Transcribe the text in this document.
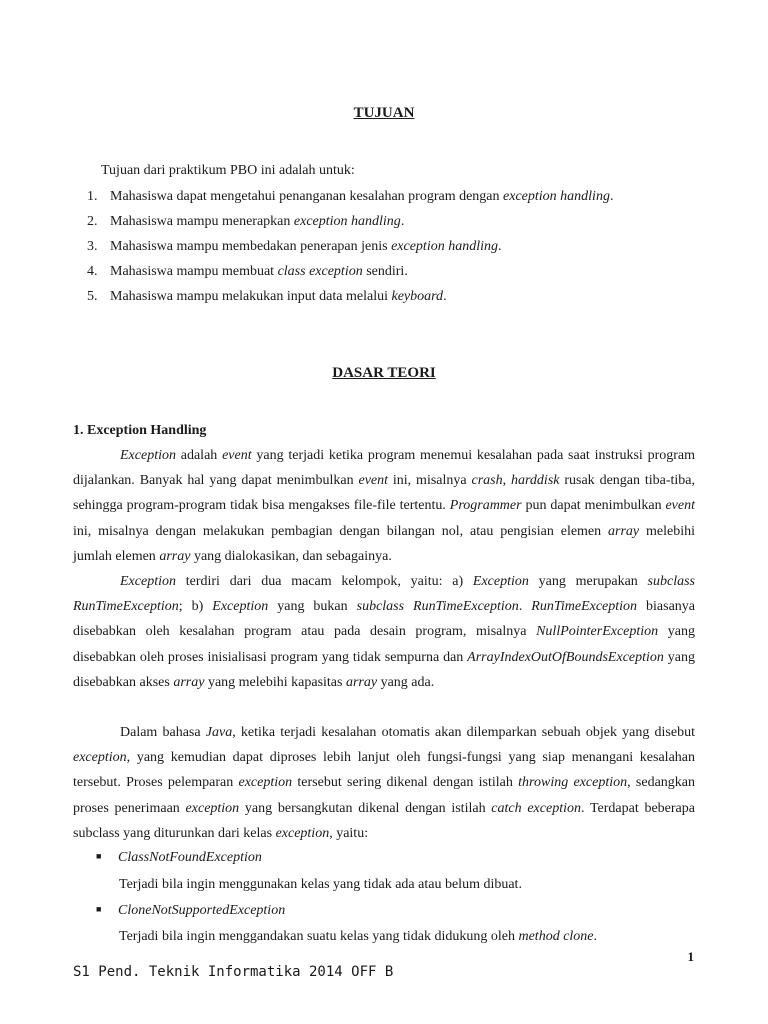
TUJUAN
Tujuan dari praktikum PBO ini adalah untuk:
1. Mahasiswa dapat mengetahui penanganan kesalahan program dengan exception handling.
2. Mahasiswa mampu menerapkan exception handling.
3. Mahasiswa mampu membedakan penerapan jenis exception handling.
4. Mahasiswa mampu membuat class exception sendiri.
5. Mahasiswa mampu melakukan input data melalui keyboard.
DASAR TEORI
1. Exception Handling

Exception adalah event yang terjadi ketika program menemui kesalahan pada saat instruksi program dijalankan. Banyak hal yang dapat menimbulkan event ini, misalnya crash, harddisk rusak dengan tiba-tiba, sehingga program-program tidak bisa mengakses file-file tertentu. Programmer pun dapat menimbulkan event ini, misalnya dengan melakukan pembagian dengan bilangan nol, atau pengisian elemen array melebihi jumlah elemen array yang dialokasikan, dan sebagainya.

Exception terdiri dari dua macam kelompok, yaitu: a) Exception yang merupakan subclass RunTimeException; b) Exception yang bukan subclass RunTimeException. RunTimeException biasanya disebabkan oleh kesalahan program atau pada desain program, misalnya NullPointerException yang disebabkan oleh proses inisialisasi program yang tidak sempurna dan ArrayIndexOutOfBoundsException yang disebabkan akses array yang melebihi kapasitas array yang ada.

Dalam bahasa Java, ketika terjadi kesalahan otomatis akan dilemparkan sebuah objek yang disebut exception, yang kemudian dapat diproses lebih lanjut oleh fungsi-fungsi yang siap menangani kesalahan tersebut. Proses pelemparan exception tersebut sering dikenal dengan istilah throwing exception, sedangkan proses penerimaan exception yang bersangkutan dikenal dengan istilah catch exception. Terdapat beberapa subclass yang diturunkan dari kelas exception, yaitu:

■ ClassNotFoundException
Terjadi bila ingin menggunakan kelas yang tidak ada atau belum dibuat.
■ CloneNotSupportedException
Terjadi bila ingin menggandakan suatu kelas yang tidak didukung oleh method clone.
1
S1 Pend. Teknik Informatika 2014 OFF B
